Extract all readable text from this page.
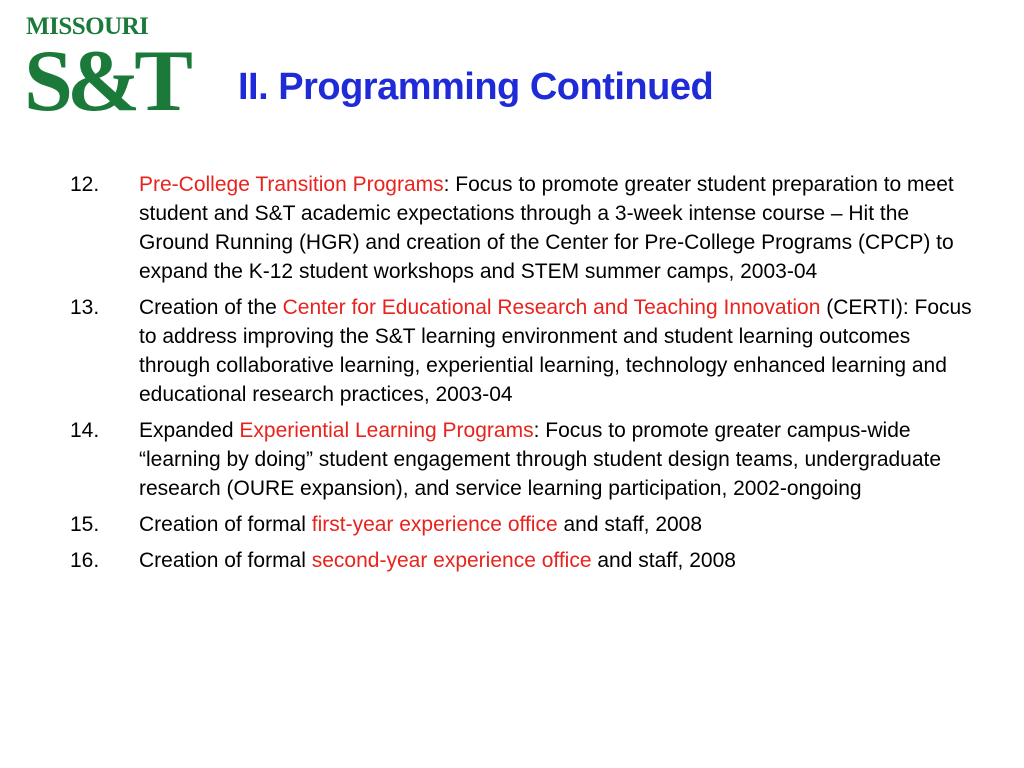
MISSOURI
S&T II. Programming Continued
12. Pre-College Transition Programs: Focus to promote greater student preparation to meet student and S&T academic expectations through a 3-week intense course – Hit the Ground Running (HGR) and creation of the Center for Pre-College Programs (CPCP) to expand the K-12 student workshops and STEM summer camps, 2003-04
13. Creation of the Center for Educational Research and Teaching Innovation (CERTI): Focus to address improving the S&T learning environment and student learning outcomes through collaborative learning, experiential learning, technology enhanced learning and educational research practices, 2003-04
14. Expanded Experiential Learning Programs: Focus to promote greater campus-wide “learning by doing” student engagement through student design teams, undergraduate research (OURE expansion), and service learning participation, 2002-ongoing
15. Creation of formal first-year experience office and staff, 2008
16. Creation of formal second-year experience office and staff, 2008
